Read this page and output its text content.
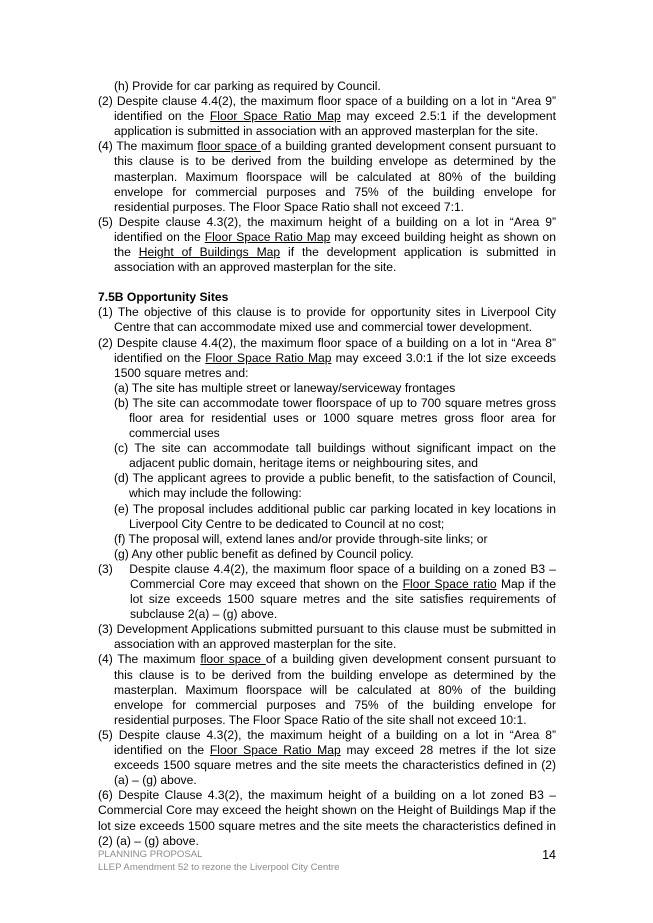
(h) Provide for car parking as required by Council.

(2) Despite clause 4.4(2), the maximum floor space of a building on a lot in “Area 9” identified on the Floor Space Ratio Map may exceed 2.5:1 if the development application is submitted in association with an approved masterplan for the site.

(4) The maximum floor space of a building granted development consent pursuant to this clause is to be derived from the building envelope as determined by the masterplan. Maximum floorspace will be calculated at 80% of the building envelope for commercial purposes and 75% of the building envelope for residential purposes. The Floor Space Ratio shall not exceed 7:1.

(5) Despite clause 4.3(2), the maximum height of a building on a lot in “Area 9” identified on the Floor Space Ratio Map may exceed building height as shown on the Height of Buildings Map if the development application is submitted in association with an approved masterplan for the site.

7.5B Opportunity Sites

(1) The objective of this clause is to provide for opportunity sites in Liverpool City Centre that can accommodate mixed use and commercial tower development.

(2) Despite clause 4.4(2), the maximum floor space of a building on a lot in “Area 8” identified on the Floor Space Ratio Map may exceed 3.0:1 if the lot size exceeds 1500 square metres and:

(a) The site has multiple street or laneway/serviceway frontages

(b) The site can accommodate tower floorspace of up to 700 square metres gross floor area for residential uses or 1000 square metres gross floor area for commercial uses

(c) The site can accommodate tall buildings without significant impact on the adjacent public domain, heritage items or neighbouring sites, and

(d) The applicant agrees to provide a public benefit, to the satisfaction of Council, which may include the following:

(e) The proposal includes additional public car parking located in key locations in Liverpool City Centre to be dedicated to Council at no cost;

(f) The proposal will, extend lanes and/or provide through-site links; or

(g) Any other public benefit as defined by Council policy.

(3)    Despite clause 4.4(2), the maximum floor space of a building on a zoned B3 – Commercial Core may exceed that shown on the Floor Space ratio Map if the lot size exceeds 1500 square metres and the site satisfies requirements of subclause 2(a) – (g) above.

(3) Development Applications submitted pursuant to this clause must be submitted in association with an approved masterplan for the site.

(4) The maximum floor space of a building given development consent pursuant to this clause is to be derived from the building envelope as determined by the masterplan. Maximum floorspace will be calculated at 80% of the building envelope for commercial purposes and 75% of the building envelope for residential purposes. The Floor Space Ratio of the site shall not exceed 10:1.

(5) Despite clause 4.3(2), the maximum height of a building on a lot in “Area 8” identified on the Floor Space Ratio Map may exceed 28 metres if the lot size exceeds 1500 square metres and the site meets the characteristics defined in (2) (a) – (g) above.

(6) Despite Clause 4.3(2), the maximum height of a building on a lot zoned B3 – Commercial Core may exceed the height shown on the Height of Buildings Map if the lot size exceeds 1500 square metres and the site meets the characteristics defined in (2) (a) – (g) above.

PLANNING PROPOSAL
LLEP Amendment 52 to rezone the Liverpool City Centre
14
